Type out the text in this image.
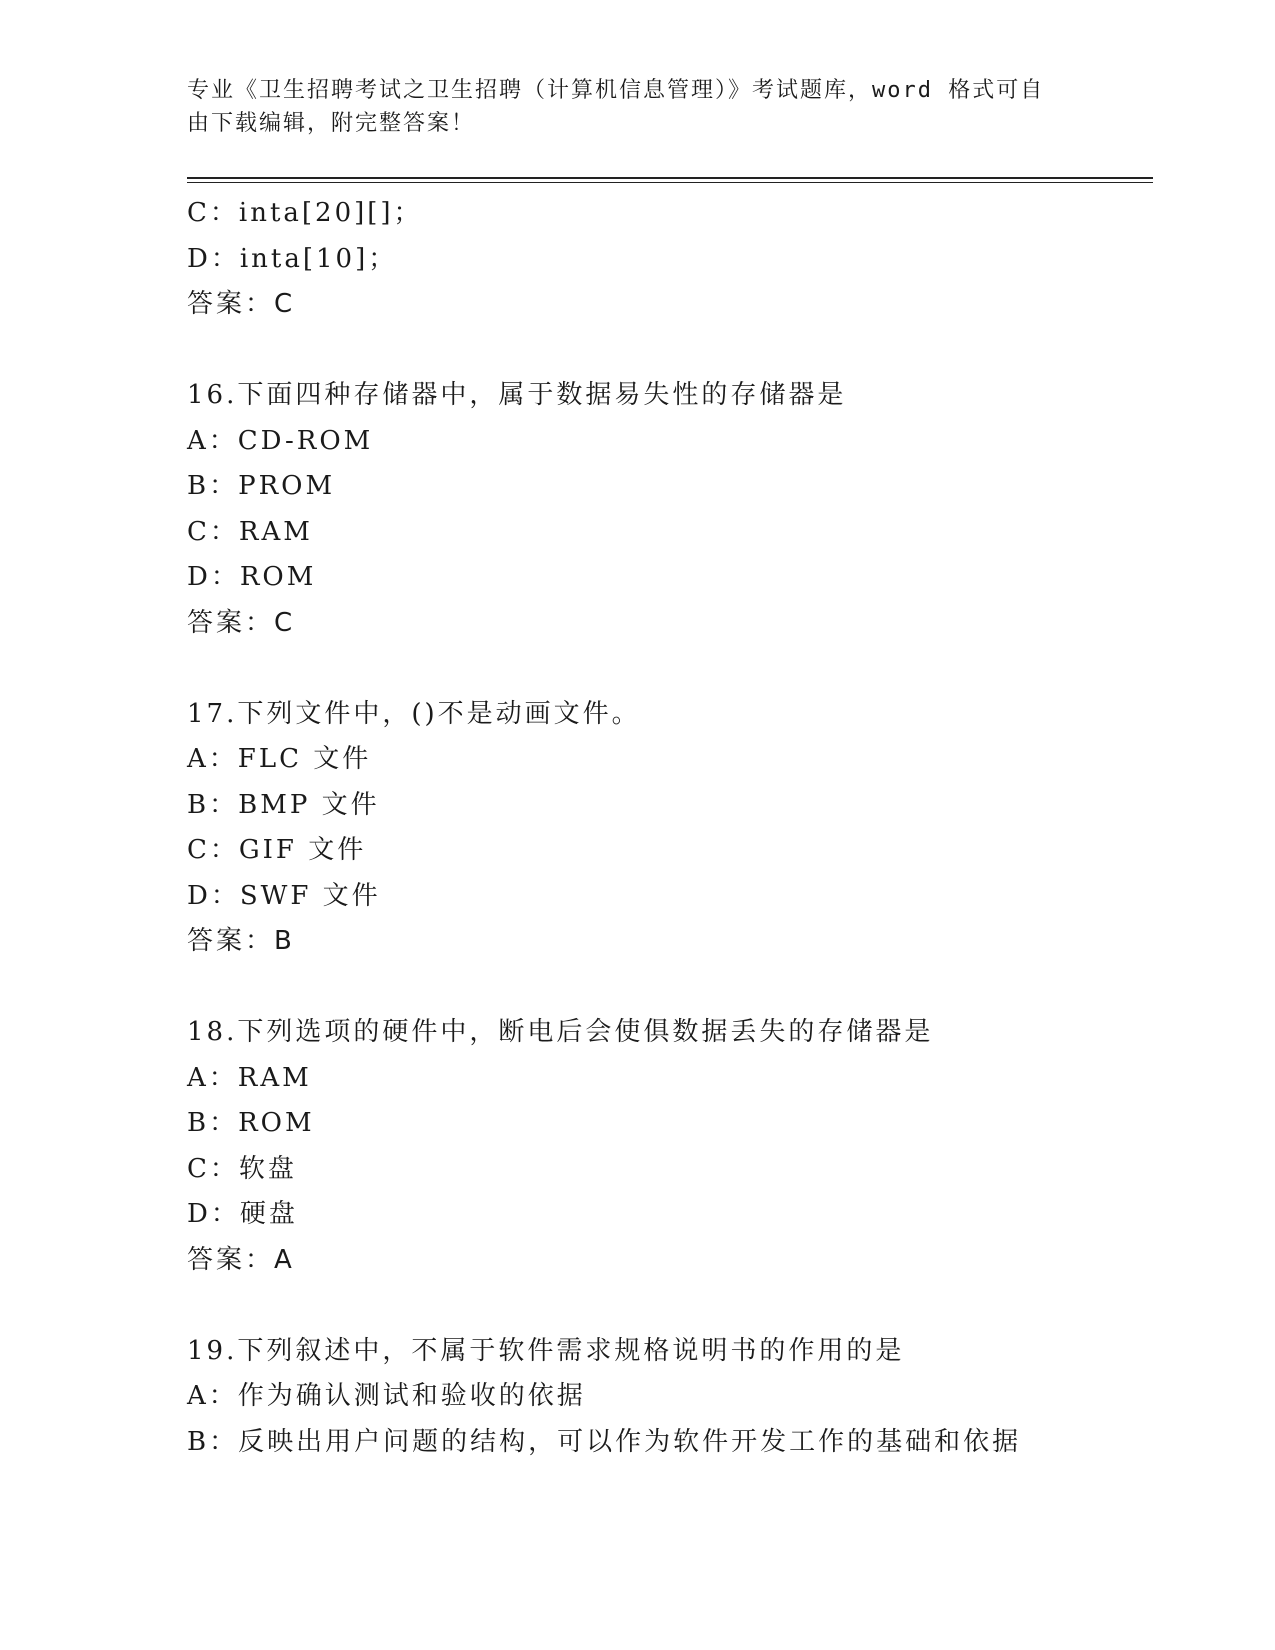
专业《卫生招聘考试之卫生招聘（计算机信息管理）》考试题库，word 格式可自
由下载编辑，附完整答案！
C：inta[20][]；
D：inta[10]；
答案：C
16.下面四种存储器中，属于数据易失性的存储器是
A：CD-ROM
B：PROM
C：RAM
D：ROM
答案：C
17.下列文件中，()不是动画文件。
A：FLC 文件
B：BMP 文件
C：GIF 文件
D：SWF 文件
答案：B
18.下列选项的硬件中，断电后会使俱数据丢失的存储器是
A：RAM
B：ROM
C：软盘
D：硬盘
答案：A
19.下列叙述中，不属于软件需求规格说明书的作用的是
A：作为确认测试和验收的依据
B：反映出用户问题的结构，可以作为软件开发工作的基础和依据
